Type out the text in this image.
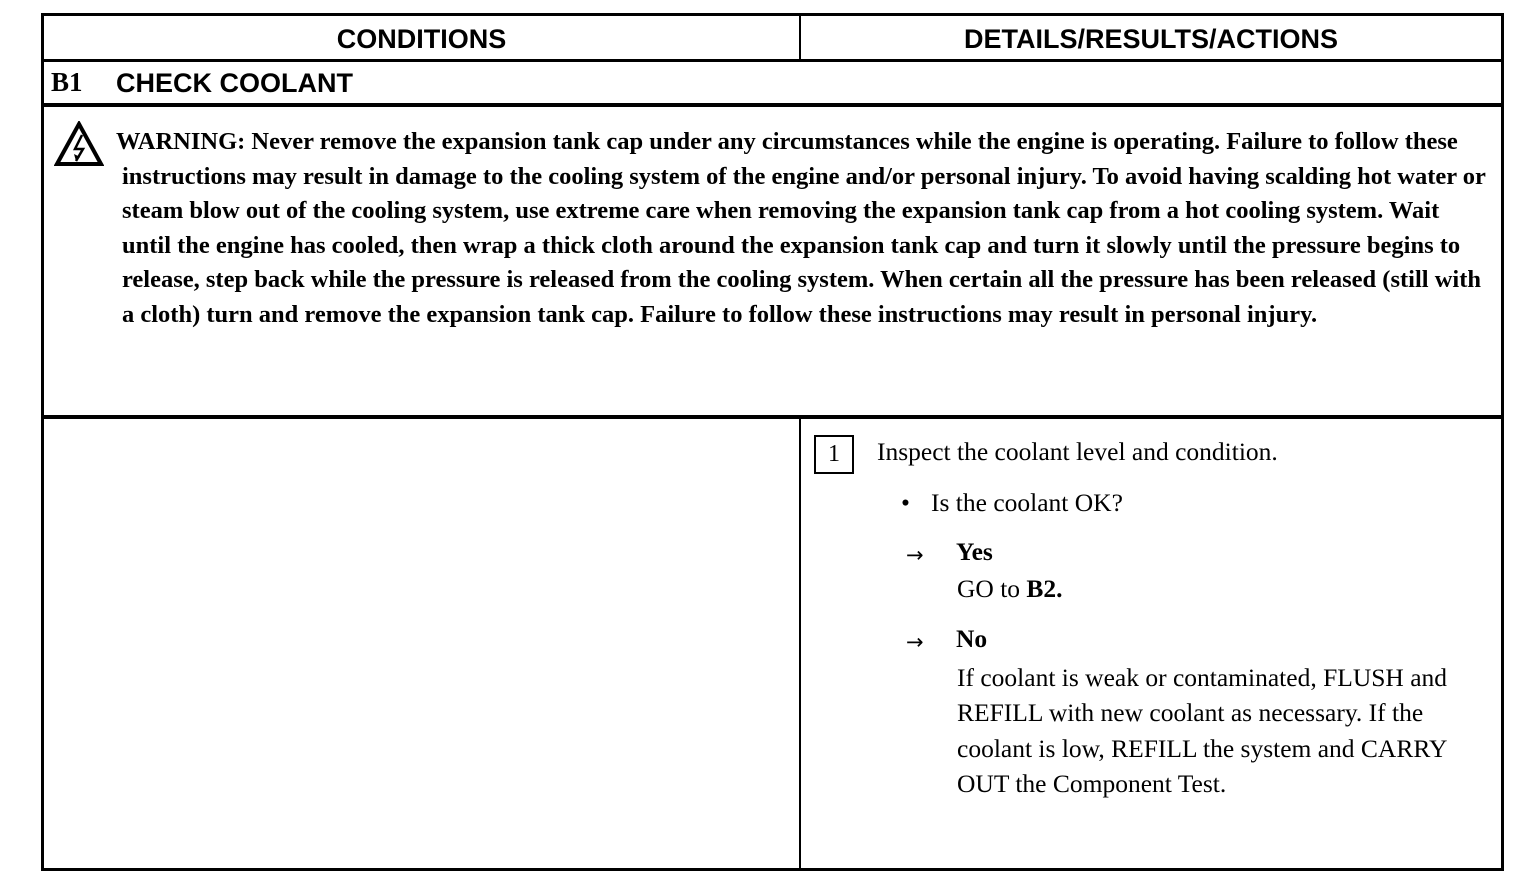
CONDITIONS	DETAILS/RESULTS/ACTIONS
B1 CHECK COOLANT
WARNING: Never remove the expansion tank cap under any circumstances while the engine is operating. Failure to follow these instructions may result in damage to the cooling system of the engine and/or personal injury. To avoid having scalding hot water or steam blow out of the cooling system, use extreme care when removing the expansion tank cap from a hot cooling system. Wait until the engine has cooled, then wrap a thick cloth around the expansion tank cap and turn it slowly until the pressure begins to release, step back while the pressure is released from the cooling system. When certain all the pressure has been released (still with a cloth) turn and remove the expansion tank cap. Failure to follow these instructions may result in personal injury.
1	Inspect the coolant level and condition.
• Is the coolant OK?
→ Yes
GO to B2.
→ No
If coolant is weak or contaminated, FLUSH and REFILL with new coolant as necessary. If the coolant is low, REFILL the system and CARRY OUT the Component Test.
